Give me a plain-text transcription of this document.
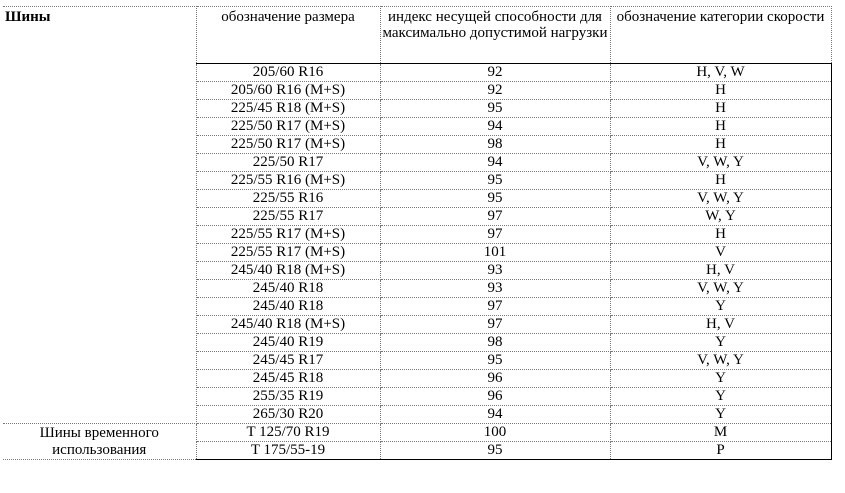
Шины	обозначение размера	индекс несущей способности для максимально допустимой нагрузки	обозначение категории скорости
	205/60 R16	92	H, V, W
	205/60 R16 (M+S)	92	H
	225/45 R18 (M+S)	95	H
	225/50 R17 (M+S)	94	H
	225/50 R17 (M+S)	98	H
	225/50 R17	94	V, W, Y
	225/55 R16 (M+S)	95	H
	225/55 R16	95	V, W, Y
	225/55 R17	97	W, Y
	225/55 R17 (M+S)	97	H
	225/55 R17 (M+S)	101	V
	245/40 R18 (M+S)	93	H, V
	245/40 R18	93	V, W, Y
	245/40 R18	97	Y
	245/40 R18 (M+S)	97	H, V
	245/40 R19	98	Y
	245/45 R17	95	V, W, Y
	245/45 R18	96	Y
	255/35 R19	96	Y
	265/30 R20	94	Y
Шины временного использования	T 125/70 R19	100	M
	T 175/55-19	95	P
